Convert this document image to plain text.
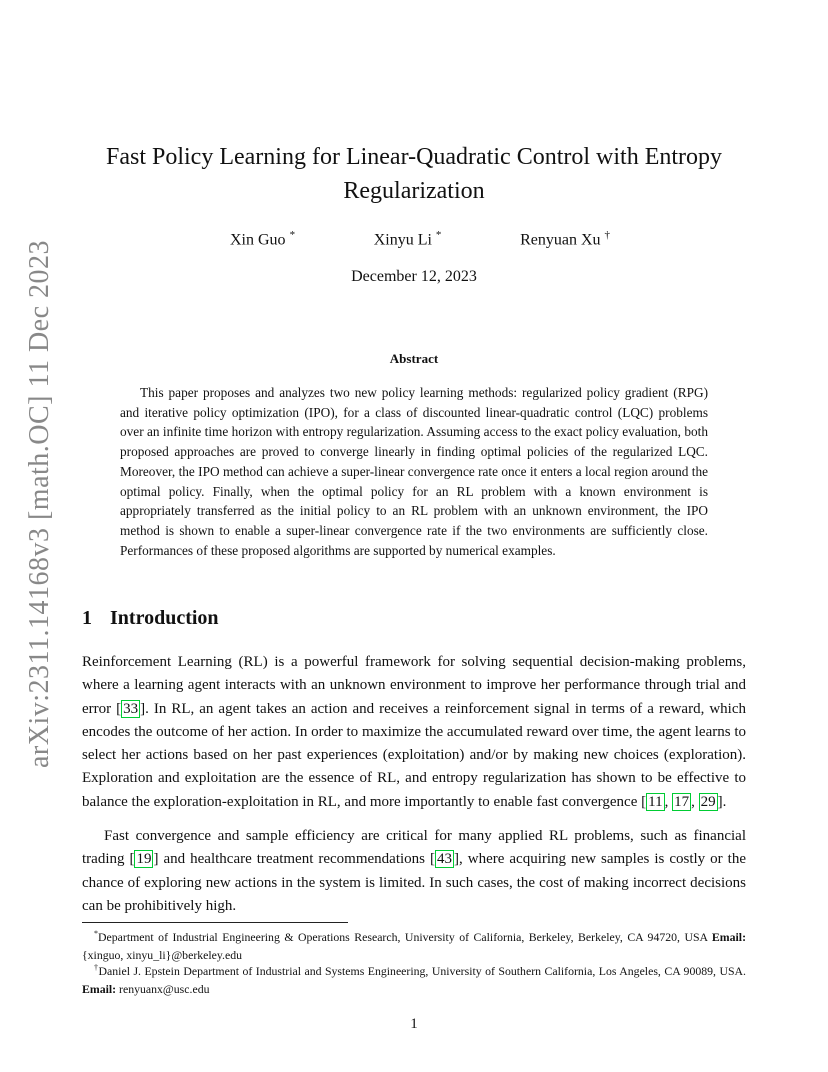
arXiv:2311.14168v3 [math.OC] 11 Dec 2023
Fast Policy Learning for Linear-Quadratic Control with Entropy Regularization
Xin Guo *	Xinyu Li *	Renyuan Xu †
December 12, 2023
Abstract

This paper proposes and analyzes two new policy learning methods: regularized policy gradient (RPG) and iterative policy optimization (IPO), for a class of discounted linear-quadratic control (LQC) problems over an infinite time horizon with entropy regularization. Assuming access to the exact policy evaluation, both proposed approaches are proved to converge linearly in finding optimal policies of the regularized LQC. Moreover, the IPO method can achieve a super-linear convergence rate once it enters a local region around the optimal policy. Finally, when the optimal policy for an RL problem with a known environment is appropriately transferred as the initial policy to an RL problem with an unknown environment, the IPO method is shown to enable a super-linear convergence rate if the two environments are sufficiently close. Performances of these proposed algorithms are supported by numerical examples.

1 Introduction

Reinforcement Learning (RL) is a powerful framework for solving sequential decision-making problems, where a learning agent interacts with an unknown environment to improve her performance through trial and error [ 33 ]. In RL, an agent takes an action and receives a reinforcement signal in terms of a reward, which encodes the outcome of her action. In order to maximize the accumulated reward over time, the agent learns to select her actions based on her past experiences (exploitation) and/or by making new choices (exploration). Exploration and exploitation are the essence of RL, and entropy regularization has shown to be effective to balance the exploration-exploitation in RL, and more importantly to enable fast convergence [ 11 , 17 , 29 ].

Fast convergence and sample efficiency are critical for many applied RL problems, such as financial trading [ 19 ] and healthcare treatment recommendations [ 43 ], where acquiring new samples is costly or the chance of exploring new actions in the system is limited. In such cases, the cost of making incorrect decisions can be prohibitively high.

*Department of Industrial Engineering & Operations Research, University of California, Berkeley, Berkeley, CA 94720, USA Email: {xinguo, xinyu_li}@berkeley.edu

†Daniel J. Epstein Department of Industrial and Systems Engineering, University of Southern California, Los Angeles, CA 90089, USA. Email: renyuanx@usc.edu

1
